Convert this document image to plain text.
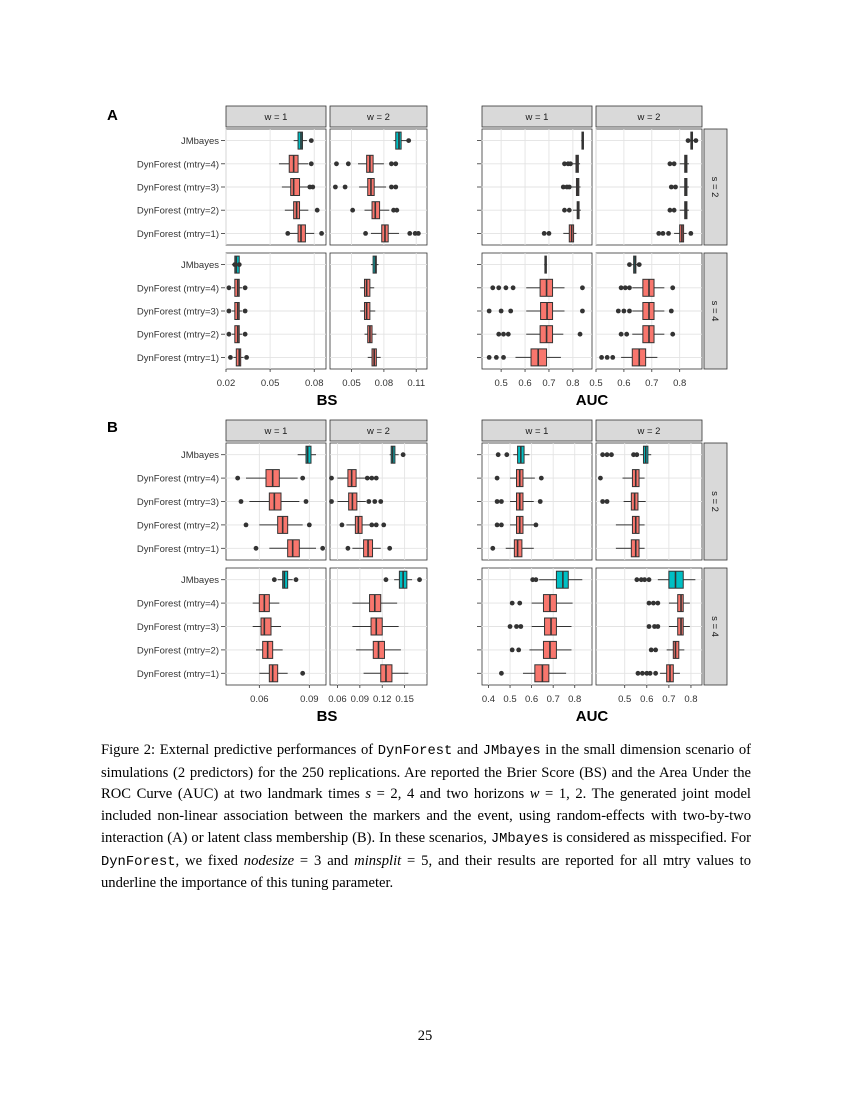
A	w = 1	w = 2	w = 1	w = 2
s = 2
JMbayes
DynForest (mtry=4)
DynForest (mtry=3)
DynForest (mtry=2)
DynForest (mtry=1)
s = 4
JMbayes
DynForest (mtry=4)
DynForest (mtry=3)
DynForest (mtry=2)
DynForest (mtry=1)
0.02	0.05	0.08 0.05 0.08 0.11	0.5 0.6 0.7 0.8 0.5 0.6 0.7 0.8
BS	AUC
B	w = 1	w = 2	w = 1	w = 2
s = 2
JMbayes
DynForest (mtry=4)
DynForest (mtry=3)
DynForest (mtry=2)
DynForest (mtry=1)
s = 4
JMbayes
DynForest (mtry=4)
DynForest (mtry=3)
DynForest (mtry=2)
DynForest (mtry=1)
0.06	0.09 0.06 0.09 0.12 0.15	0.4 0.5 0.6 0.7 0.8	0.5 0.6 0.7 0.8
BS	AUC
Figure 2: External predictive performances of DynForest and JMbayes in the small dimension scenario of simulations (2 predictors) for the 250 replications. Are reported the Brier Score (BS) and the Area Under the ROC Curve (AUC) at two landmark times s = 2, 4 and two horizons w = 1, 2. The generated joint model included non-linear association between the markers and the event, using random-effects with two-by-two interaction (A) or latent class membership (B). In these scenarios, JMbayes is considered as misspecified. For DynForest, we fixed nodesize = 3 and minsplit = 5, and their results are reported for all mtry values to underline the importance of this tuning parameter.
25
